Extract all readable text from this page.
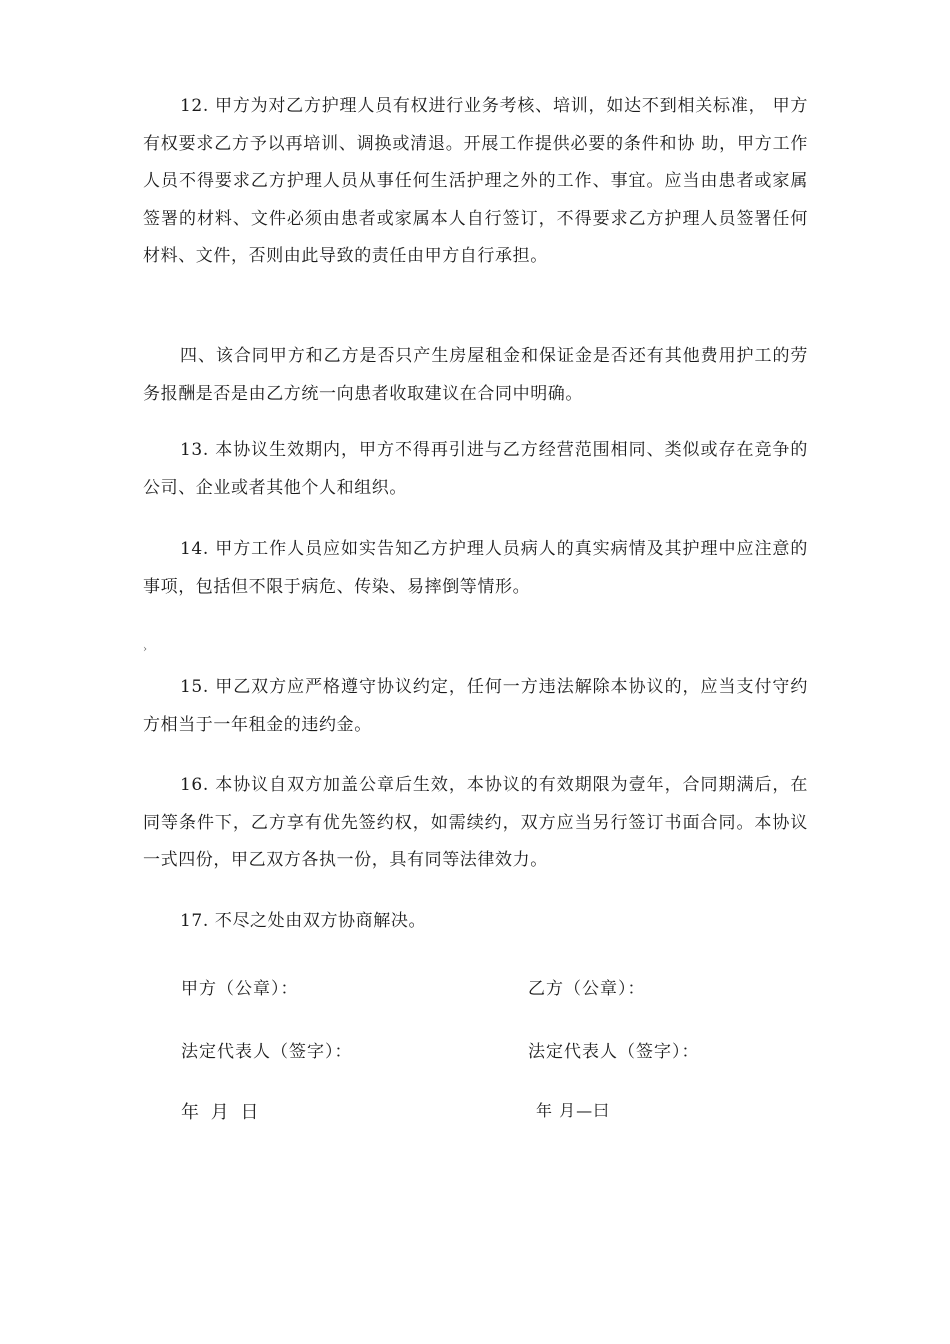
12. 甲方为对乙方护理人员有权进行业务考核、培训，如达不到相关标准， 甲方有权要求乙方予以再培训、调换或清退。开展工作提供必要的条件和协 助，甲方工作人员不得要求乙方护理人员从事任何生活护理之外的工作、事宜。应当由患者或家属签署的材料、文件必须由患者或家属本人自行签订，不得要求乙方护理人员签署任何材料、文件，否则由此导致的责任由甲方自行承担。

四、该合同甲方和乙方是否只产生房屋租金和保证金是否还有其他费用护工的劳务报酬是否是由乙方统一向患者收取建议在合同中明确。

13. 本协议生效期内，甲方不得再引进与乙方经营范围相同、类似或存在竞争的公司、企业或者其他个人和组织。

14. 甲方工作人员应如实告知乙方护理人员病人的真实病情及其护理中应注意的事项，包括但不限于病危、传染、易摔倒等情形。

›

15. 甲乙双方应严格遵守协议约定，任何一方违法解除本协议的，应当支付守约方相当于一年租金的违约金。

16. 本协议自双方加盖公章后生效，本协议的有效期限为壹年，合同期满后，在同等条件下，乙方享有优先签约权，如需续约，双方应当另行签订书面合同。本协议一式四份，甲乙双方各执一份，具有同等法律效力。

17. 不尽之处由双方协商解决。

甲方（公章）：	乙方（公章）：

法定代表人（签字）：	法定代表人（签字）：

年 月 日	年 月—曰
